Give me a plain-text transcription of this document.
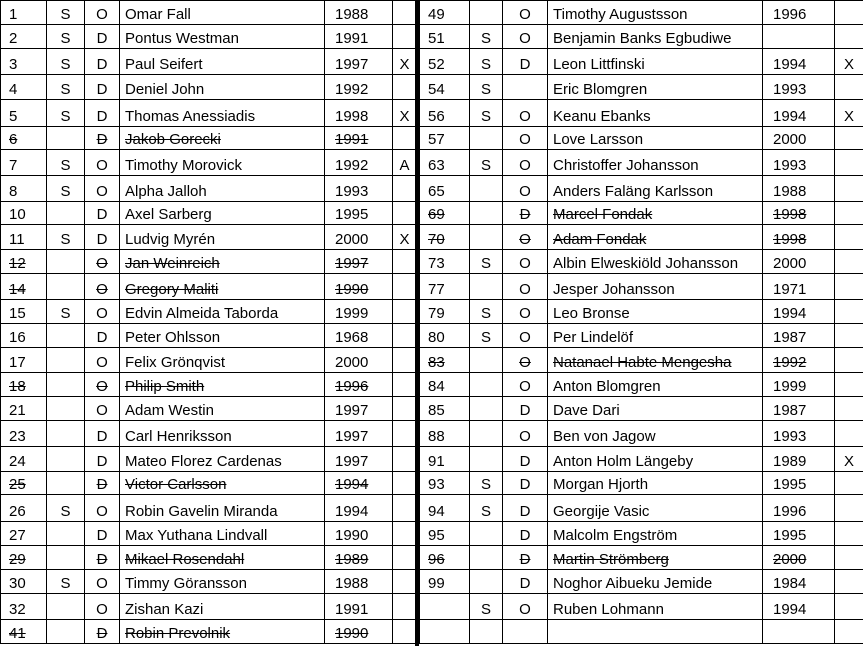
1	S	O	Omar Fall	1988	
2	S	D	Pontus Westman	1991	
3	S	D	Paul Seifert	1997	X
4	S	D	Deniel John	1992	
5	S	D	Thomas Anessiadis	1998	X
6		D	Jakob Gorecki	1991	
7	S	O	Timothy Morovick	1992	A
8	S	O	Alpha Jalloh	1993	
10		D	Axel Sarberg	1995	
11	S	D	Ludvig Myrén	2000	X
12		O	Jan Weinreich	1997	
14		O	Gregory Maliti	1990	
15	S	O	Edvin Almeida Taborda	1999	
16		D	Peter Ohlsson	1968	
17		O	Felix Grönqvist	2000	
18		O	Philip Smith	1996	
21		O	Adam Westin	1997	
23		D	Carl Henriksson	1997	
24		D	Mateo Florez Cardenas	1997	
25		D	Victor Carlsson	1994	
26	S	O	Robin Gavelin Miranda	1994	
27		D	Max Yuthana Lindvall	1990	
29		D	Mikael Rosendahl	1989	
30	S	O	Timmy Göransson	1988	
32		O	Zishan Kazi	1991	
41		D	Robin Prevolnik	1990	
49		O	Timothy Augustsson	1996	
51	S	O	Benjamin Banks Egbudiwe		
52	S	D	Leon Littfinski	1994	X
54	S		Eric Blomgren	1993	
56	S	O	Keanu Ebanks	1994	X
57		O	Love Larsson	2000	
63	S	O	Christoffer Johansson	1993	
65		O	Anders Faläng Karlsson	1988	
69		D	Marcel Fondak	1998	
70		O	Adam Fondak	1998	
73	S	O	Albin Elweskiöld Johansson	2000	
77		O	Jesper Johansson	1971	
79	S	O	Leo Bronse	1994	
80	S	O	Per Lindelöf	1987	
83		O	Natanael Habte Mengesha	1992	
84		O	Anton Blomgren	1999	
85		D	Dave Dari	1987	
88		O	Ben von Jagow	1993	
91		D	Anton Holm Längeby	1989	X
93	S	D	Morgan Hjorth	1995	
94	S	D	Georgije Vasic	1996	
95		D	Malcolm Engström	1995	
96		D	Martin Strömberg	2000	
99		D	Noghor Aibueku Jemide	1984	
	S	O	Ruben Lohmann	1994	
